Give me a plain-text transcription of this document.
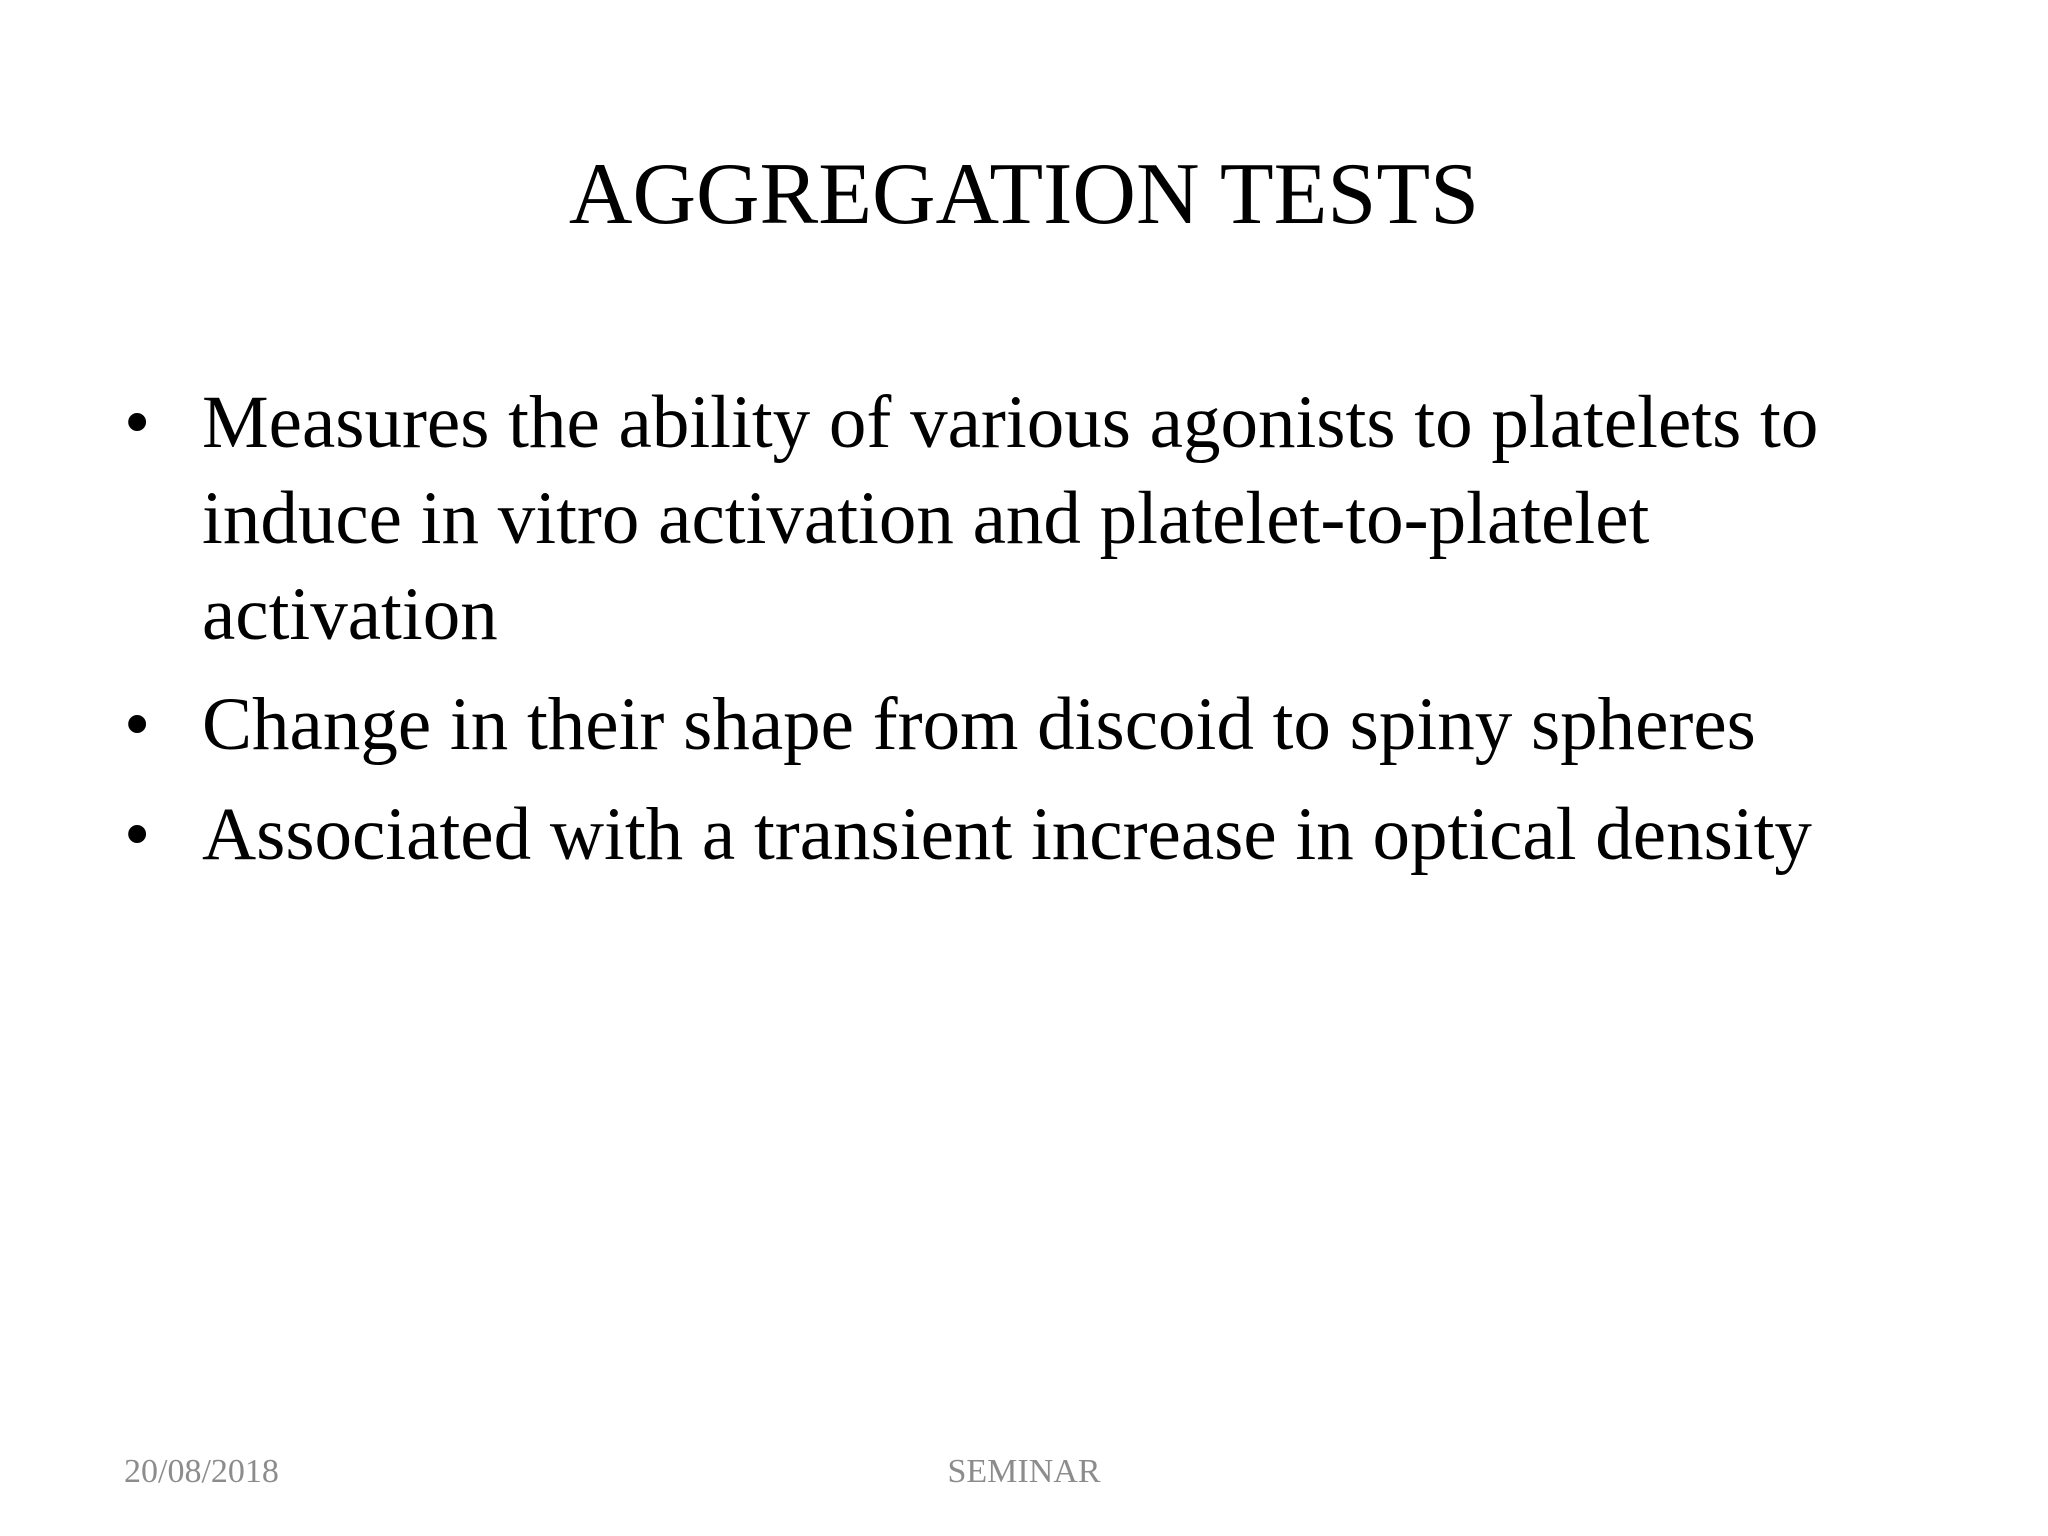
AGGREGATION TESTS
• Measures the ability of various agonists to platelets to induce in vitro activation and platelet-to-platelet activation
• Change in their shape from discoid to spiny spheres
• Associated with a transient increase in optical density
20/08/2018	SEMINAR
